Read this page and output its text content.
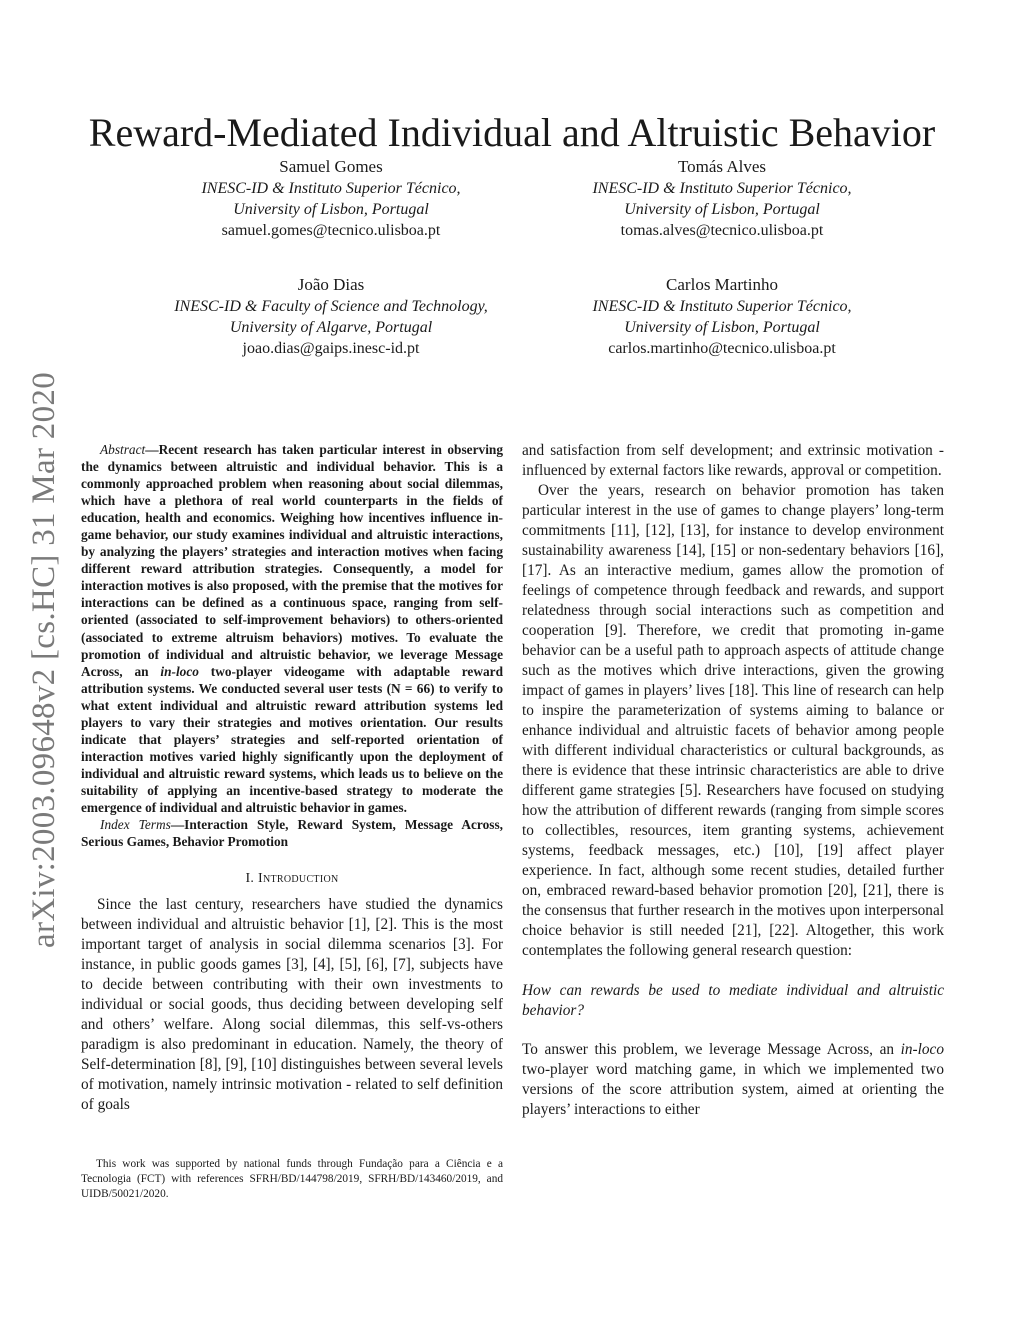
arXiv:2003.09648v2 [cs.HC] 31 Mar 2020
Reward-Mediated Individual and Altruistic Behavior
Samuel Gomes
INESC-ID & Instituto Superior Técnico,
University of Lisbon, Portugal
samuel.gomes@tecnico.ulisboa.pt
Tomás Alves
INESC-ID & Instituto Superior Técnico,
University of Lisbon, Portugal
tomas.alves@tecnico.ulisboa.pt
João Dias
INESC-ID & Faculty of Science and Technology,
University of Algarve, Portugal
joao.dias@gaips.inesc-id.pt
Carlos Martinho
INESC-ID & Instituto Superior Técnico,
University of Lisbon, Portugal
carlos.martinho@tecnico.ulisboa.pt

Abstract—Recent research has taken particular interest in observing the dynamics between altruistic and individual behavior. This is a commonly approached problem when reasoning about social dilemmas, which have a plethora of real world counterparts in the fields of education, health and economics. Weighing how incentives influence in-game behavior, our study examines individual and altruistic interactions, by analyzing the players’ strategies and interaction motives when facing different reward attribution strategies. Consequently, a model for interaction motives is also proposed, with the premise that the motives for interactions can be defined as a continuous space, ranging from self-oriented (associated to self-improvement behaviors) to others-oriented (associated to extreme altruism behaviors) motives. To evaluate the promotion of individual and altruistic behavior, we leverage Message Across, an in-loco two-player videogame with adaptable reward attribution systems. We conducted several user tests (N = 66) to verify to what extent individual and altruistic reward attribution systems led players to vary their strategies and motives orientation. Our results indicate that players’ strategies and self-reported orientation of interaction motives varied highly significantly upon the deployment of individual and altruistic reward systems, which leads us to believe on the suitability of applying an incentive-based strategy to moderate the emergence of individual and altruistic behavior in games.

Index Terms—Interaction Style, Reward System, Message Across, Serious Games, Behavior Promotion

I. Introduction

Since the last century, researchers have studied the dynamics between individual and altruistic behavior [1], [2]. This is the most important target of analysis in social dilemma scenarios [3]. For instance, in public goods games [3], [4], [5], [6], [7], subjects have to decide between contributing with their own investments to individual or social goods, thus deciding between developing self and others’ welfare. Along social dilemmas, this self-vs-others paradigm is also predominant in education. Namely, the theory of Self-determination [8], [9], [10] distinguishes between several levels of motivation, namely intrinsic motivation - related to self definition of goals

This work was supported by national funds through Fundação para a Ciência e a Tecnologia (FCT) with references SFRH/BD/144798/2019, SFRH/BD/143460/2019, and UIDB/50021/2020.

and satisfaction from self development; and extrinsic motivation - influenced by external factors like rewards, approval or competition.

Over the years, research on behavior promotion has taken particular interest in the use of games to change players’ long-term commitments [11], [12], [13], for instance to develop environment sustainability awareness [14], [15] or non-sedentary behaviors [16], [17]. As an interactive medium, games allow the promotion of feelings of competence through feedback and rewards, and support relatedness through social interactions such as competition and cooperation [9]. Therefore, we credit that promoting in-game behavior can be a useful path to approach aspects of attitude change such as the motives which drive interactions, given the growing impact of games in players’ lives [18]. This line of research can help to inspire the parameterization of systems aiming to balance or enhance individual and altruistic facets of behavior among people with different individual characteristics or cultural backgrounds, as there is evidence that these intrinsic characteristics are able to drive different game strategies [5]. Researchers have focused on studying how the attribution of different rewards (ranging from simple scores to collectibles, resources, item granting systems, achievement systems, feedback messages, etc.) [10], [19] affect player experience. In fact, although some recent studies, detailed further on, embraced reward-based behavior promotion [20], [21], there is the consensus that further research in the motives upon interpersonal choice behavior is still needed [21], [22]. Altogether, this work contemplates the following general research question:

How can rewards be used to mediate individual and altruistic behavior?

To answer this problem, we leverage Message Across, an in-loco two-player word matching game, in which we implemented two versions of the score attribution system, aimed at orienting the players’ interactions to either
